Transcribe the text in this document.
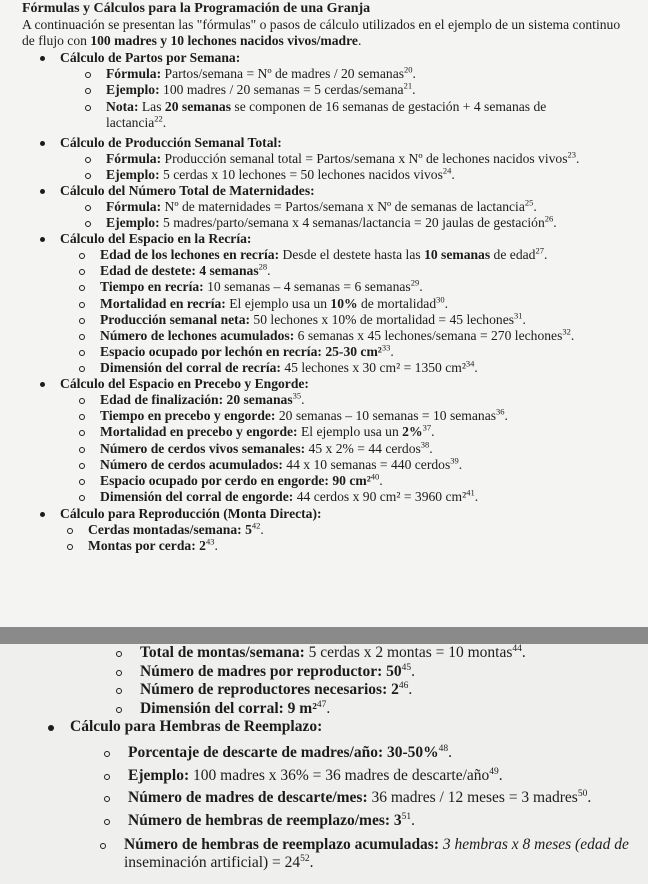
Fórmulas y Cálculos para la Programación de una Granja
A continuación se presentan las "fórmulas" o pasos de cálculo utilizados en el ejemplo de un sistema continuo de flujo con 100 madres y 10 lechones nacidos vivos/madre.
Cálculo de Partos por Semana:
Fórmula: Partos/semana = Nº de madres / 20 semanas$^{20}$.
Ejemplo: 100 madres / 20 semanas = 5 cerdas/semana$^{21}$.
Nota: Las 20 semanas se componen de 16 semanas de gestación + 4 semanas de
lactancia$^{22}$.
Cálculo de Producción Semanal Total:
Fórmula: Producción semanal total = Partos/semana x Nº de lechones nacidos vivos$^{23}$.
Ejemplo: 5 cerdas x 10 lechones = 50 lechones nacidos vivos$^{24}$.
Cálculo del Número Total de Maternidades:
Fórmula: Nº de maternidades = Partos/semana x Nº de semanas de lactancia$^{25}$.
Ejemplo: 5 madres/parto/semana x 4 semanas/lactancia = 20 jaulas de gestación$^{26}$.
Cálculo del Espacio en la Recría:
Edad de los lechones en recría: Desde el destete hasta las 10 semanas de edad$^{27}$.
Edad de destete: 4 semanas$^{28}$.
Tiempo en recría: 10 semanas – 4 semanas = 6 semanas$^{29}$.
Mortalidad en recría: El ejemplo usa un 10% de mortalidad$^{30}$.
Producción semanal neta: 50 lechones x 10% de mortalidad = 45 lechones$^{31}$.
Número de lechones acumulados: 6 semanas x 45 lechones/semana = 270 lechones$^{32}$.
Espacio ocupado por lechón en recría: 25-30 cm²$^{33}$.
Dimensión del corral de recría: 45 lechones x 30 cm² = 1350 cm²$^{34}$.
Cálculo del Espacio en Precebo y Engorde:
Edad de finalización: 20 semanas$^{35}$.
Tiempo en precebo y engorde: 20 semanas – 10 semanas = 10 semanas$^{36}$.
Mortalidad en precebo y engorde: El ejemplo usa un 2%$^{37}$.
Número de cerdos vivos semanales: 45 x 2% = 44 cerdos$^{38}$.
Número de cerdos acumulados: 44 x 10 semanas = 440 cerdos$^{39}$.
Espacio ocupado por cerdo en engorde: 90 cm²$^{40}$.
Dimensión del corral de engorde: 44 cerdos x 90 cm² = 3960 cm²$^{41}$.
Cálculo para Reproducción (Monta Directa):
Cerdas montadas/semana: $5^{42}$.
Montas por cerda: $2^{43}$.
Total de montas/semana: 5 cerdas x 2 montas = 10 montas$^{44}$.
Número de madres por reproductor: $50^{45}$.
Número de reproductores necesarios: $2^{46}$.
Dimensión del corral: 9 m²$^{47}$.
Cálculo para Hembras de Reemplazo:
Porcentaje de descarte de madres/año: 30-50%$^{48}$.
Ejemplo: 100 madres x 36% = 36 madres de descarte/año$^{49}$.
Número de madres de descarte/mes: 36 madres / 12 meses = 3 madres$^{50}$.
Número de hembras de reemplazo/mes: $3^{51}$.
Número de hembras de reemplazo acumuladas: 3 hembras x 8 meses (edad de
inseminación artificial) = $24^{52}$.
